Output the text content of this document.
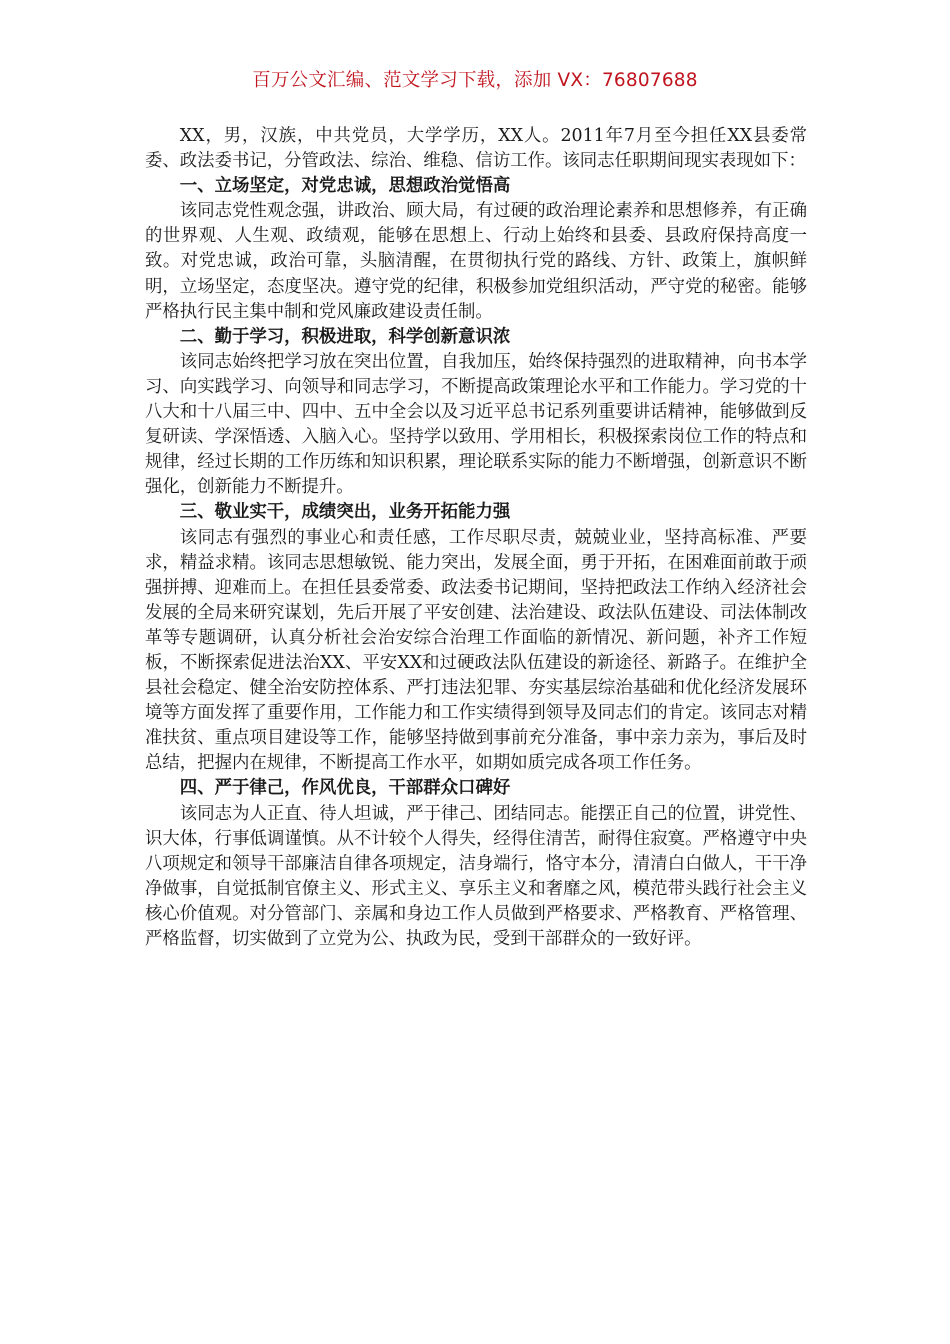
百万公文汇编、范文学习下载，添加 VX：76807688

XX，男，汉族，中共党员，大学学历，XX人。2011年7月至今担任XX县委常委、政法委书记，分管政法、综治、维稳、信访工作。该同志任职期间现实表现如下：

一、立场坚定，对党忠诚，思想政治觉悟高

该同志党性观念强，讲政治、顾大局，有过硬的政治理论素养和思想修养，有正确的世界观、人生观、政绩观，能够在思想上、行动上始终和县委、县政府保持高度一致。对党忠诚，政治可靠，头脑清醒，在贯彻执行党的路线、方针、政策上，旗帜鲜明，立场坚定，态度坚决。遵守党的纪律，积极参加党组织活动，严守党的秘密。能够严格执行民主集中制和党风廉政建设责任制。

二、勤于学习，积极进取，科学创新意识浓

该同志始终把学习放在突出位置，自我加压，始终保持强烈的进取精神，向书本学习、向实践学习、向领导和同志学习，不断提高政策理论水平和工作能力。学习党的十八大和十八届三中、四中、五中全会以及习近平总书记系列重要讲话精神，能够做到反复研读、学深悟透、入脑入心。坚持学以致用、学用相长，积极探索岗位工作的特点和规律，经过长期的工作历练和知识积累，理论联系实际的能力不断增强，创新意识不断强化，创新能力不断提升。

三、敬业实干，成绩突出，业务开拓能力强

该同志有强烈的事业心和责任感，工作尽职尽责，兢兢业业，坚持高标准、严要求，精益求精。该同志思想敏锐、能力突出，发展全面，勇于开拓，在困难面前敢于顽强拼搏、迎难而上。在担任县委常委、政法委书记期间，坚持把政法工作纳入经济社会发展的全局来研究谋划，先后开展了平安创建、法治建设、政法队伍建设、司法体制改革等专题调研，认真分析社会治安综合治理工作面临的新情况、新问题，补齐工作短板，不断探索促进法治XX、平安XX和过硬政法队伍建设的新途径、新路子。在维护全县社会稳定、健全治安防控体系、严打违法犯罪、夯实基层综治基础和优化经济发展环境等方面发挥了重要作用，工作能力和工作实绩得到领导及同志们的肯定。该同志对精准扶贫、重点项目建设等工作，能够坚持做到事前充分准备，事中亲力亲为，事后及时总结，把握内在规律，不断提高工作水平，如期如质完成各项工作任务。

四、严于律己，作风优良，干部群众口碑好

该同志为人正直、待人坦诚，严于律己、团结同志。能摆正自己的位置，讲党性、识大体，行事低调谨慎。从不计较个人得失，经得住清苦，耐得住寂寞。严格遵守中央八项规定和领导干部廉洁自律各项规定，洁身端行，恪守本分，清清白白做人，干干净净做事，自觉抵制官僚主义、形式主义、享乐主义和奢靡之风，模范带头践行社会主义核心价值观。对分管部门、亲属和身边工作人员做到严格要求、严格教育、严格管理、严格监督，切实做到了立党为公、执政为民，受到干部群众的一致好评。
